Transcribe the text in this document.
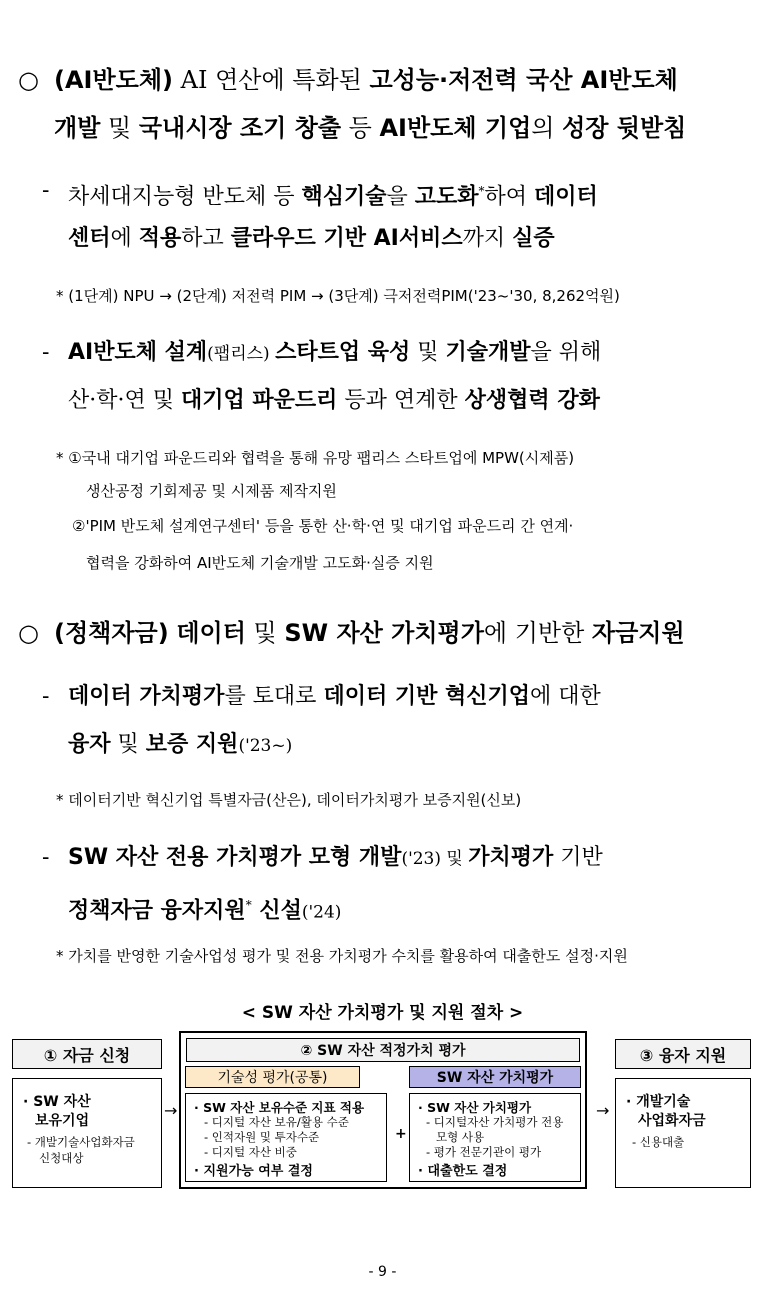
○ (AI반도체) AI 연산에 특화된 고성능·저전력 국산 AI반도체
개발 및 국내시장 조기 창출 등 AI반도체 기업의 성장 뒷받침
- 차세대지능형 반도체 등 핵심기술을 고도화*하여 데이터
센터에 적용하고 클라우드 기반 AI서비스까지 실증
* (1단계) NPU → (2단계) 저전력 PIM → (3단계) 극저전력PIM('23~'30, 8,262억원)
- AI반도체 설계(팹리스) 스타트업 육성 및 기술개발을 위해
산·학·연 및 대기업 파운드리 등과 연계한 상생협력 강화
* ①국내 대기업 파운드리와 협력을 통해 유망 팹리스 스타트업에 MPW(시제품)
생산공정 기회제공 및 시제품 제작지원
②'PIM 반도체 설계연구센터' 등을 통한 산·학·연 및 대기업 파운드리 간 연계·
협력을 강화하여 AI반도체 기술개발 고도화·실증 지원
○ (정책자금) 데이터 및 SW 자산 가치평가에 기반한 자금지원
- 데이터 가치평가를 토대로 데이터 기반 혁신기업에 대한
융자 및 보증 지원('23~)
* 데이터기반 혁신기업 특별자금(산은), 데이터가치평가 보증지원(신보)
- SW 자산 전용 가치평가 모형 개발('23) 및 가치평가 기반
정책자금 융자지원* 신설('24)
* 가치를 반영한 기술사업성 평가 및 전용 가치평가 수치를 활용하여 대출한도 설정·지원
< SW 자산 가치평가 및 지원 절차 >
① 자금 신청
· SW 자산
보유기업
- 개발기술사업화자금
신청대상
→
② SW 자산 적정가치 평가
기술성 평가(공통)	SW 자산 가치평가
· SW 자산 보유수준 지표 적용
- 디지털 자산 보유/활용 수준
- 인적자원 및 투자수준
- 디지털 자산 비중
· 지원가능 여부 결정
+
· SW 자산 가치평가
- 디지털자산 가치평가 전용
모형 사용
- 평가 전문기관이 평가
· 대출한도 결정
→
③ 융자 지원
· 개발기술
사업화자금
- 신용대출
- 9 -
